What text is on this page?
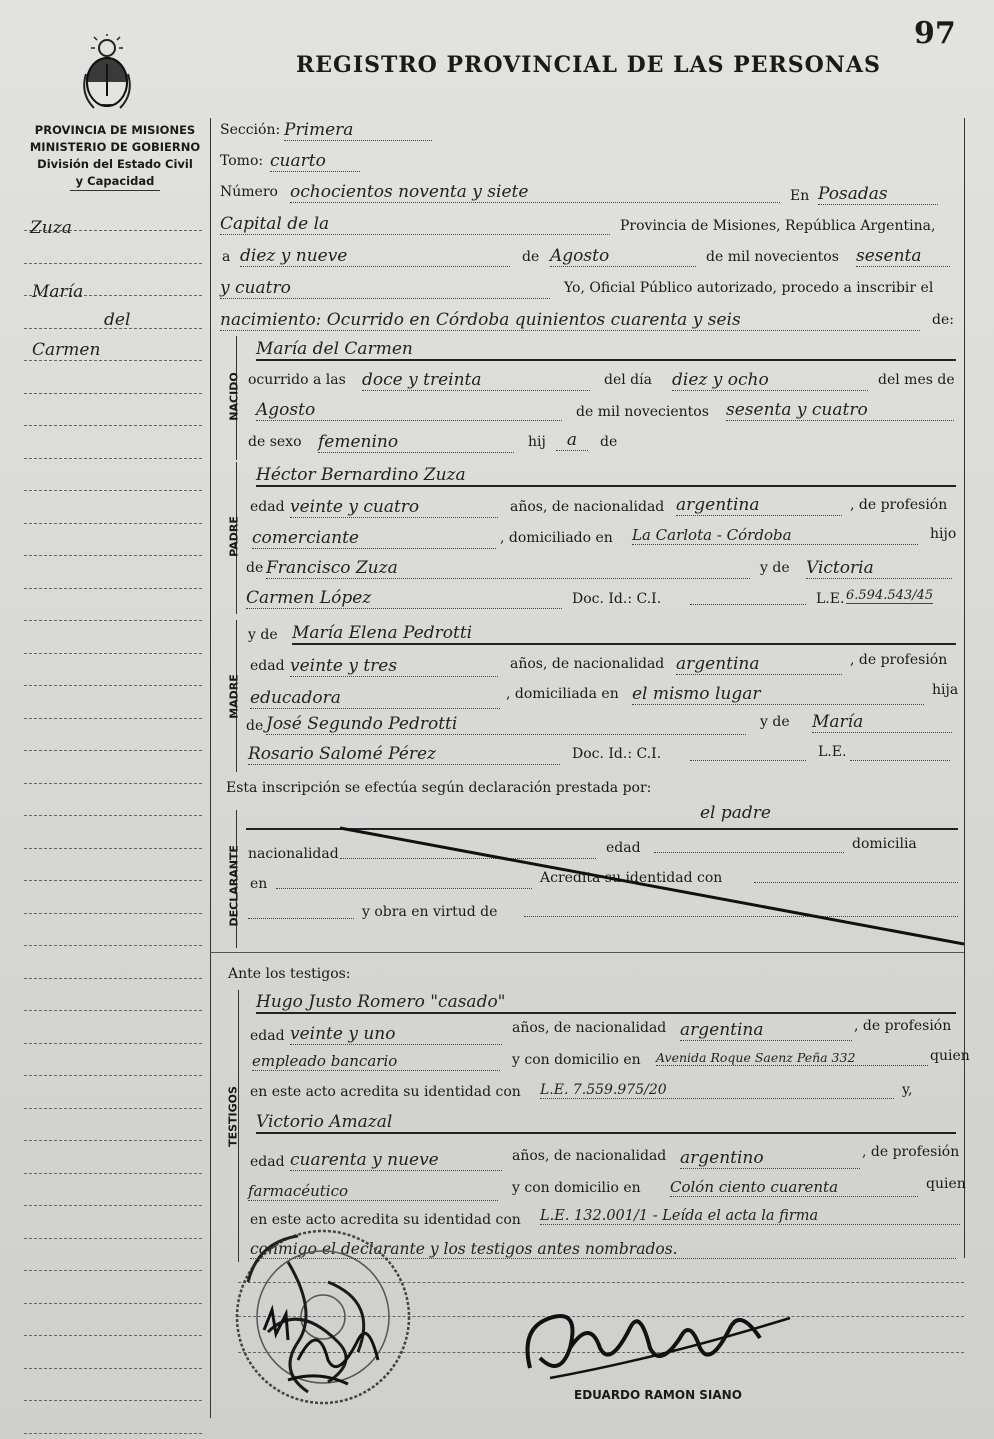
97
REGISTRO PROVINCIAL DE LAS PERSONAS
PROVINCIA DE MISIONES
MINISTERIO DE GOBIERNO
División del Estado Civil
y Capacidad
Zuza
María
del
Carmen
Sección: Primera
Tomo: cuarto
Número ochocientos noventa y siete	En Posadas
Capital de la	Provincia de Misiones, República Argentina,
a diez y nueve	de Agosto	de mil novecientos sesenta
y cuatro	Yo, Oficial Público autorizado, procedo a inscribir el
nacimiento: Ocurrido en Córdoba quinientos cuarenta y seis	de:
NACIDO
María del Carmen
ocurrido a las doce y treinta	del día diez y ocho	del mes de
Agosto	de mil novecientos sesenta y cuatro
de sexo femenino	hij	a	de
PADRE
Héctor Bernardino Zuza
edad veinte y cuatro	años, de nacionalidad argentina	, de profesión
comerciante	, domiciliado en La Carlota - Córdoba	hijo
de Francisco Zuza	y de Victoria
Carmen López	Doc. Id.: C.I.	L.E. 6.594.543/45
MADRE
y de María Elena Pedrotti
edad veinte y tres	años, de nacionalidad argentina	, de profesión
educadora	, domiciliada en el mismo lugar	hija
de José Segundo Pedrotti	y de María
Rosario Salomé Pérez	Doc. Id.: C.I.	L.E.
Esta inscripción se efectúa según declaración prestada por:
el padre
DECLARANTE nacionalidad	edad	domicilia
en	Acredita su identidad con
y obra en virtud de
Ante los testigos:
TESTIGOS
Hugo Justo Romero "casado"
edad veinte y uno	años, de nacionalidad argentina	, de profesión
empleado bancario	y con domicilio en Avenida Roque Saenz Peña 332	quien
en este acto acredita su identidad con L.E. 7.559.975/20	y,
Victorio Amazal
edad cuarenta y nueve	años, de nacionalidad argentino	, de profesión
farmacéutico	y con domicilio en Colón ciento cuarenta	quien
en este acto acredita su identidad con L.E. 132.001/1 - Leída el acta la firma
conmigo el declarante y los testigos antes nombrados.
EDUARDO RAMON SIANO
